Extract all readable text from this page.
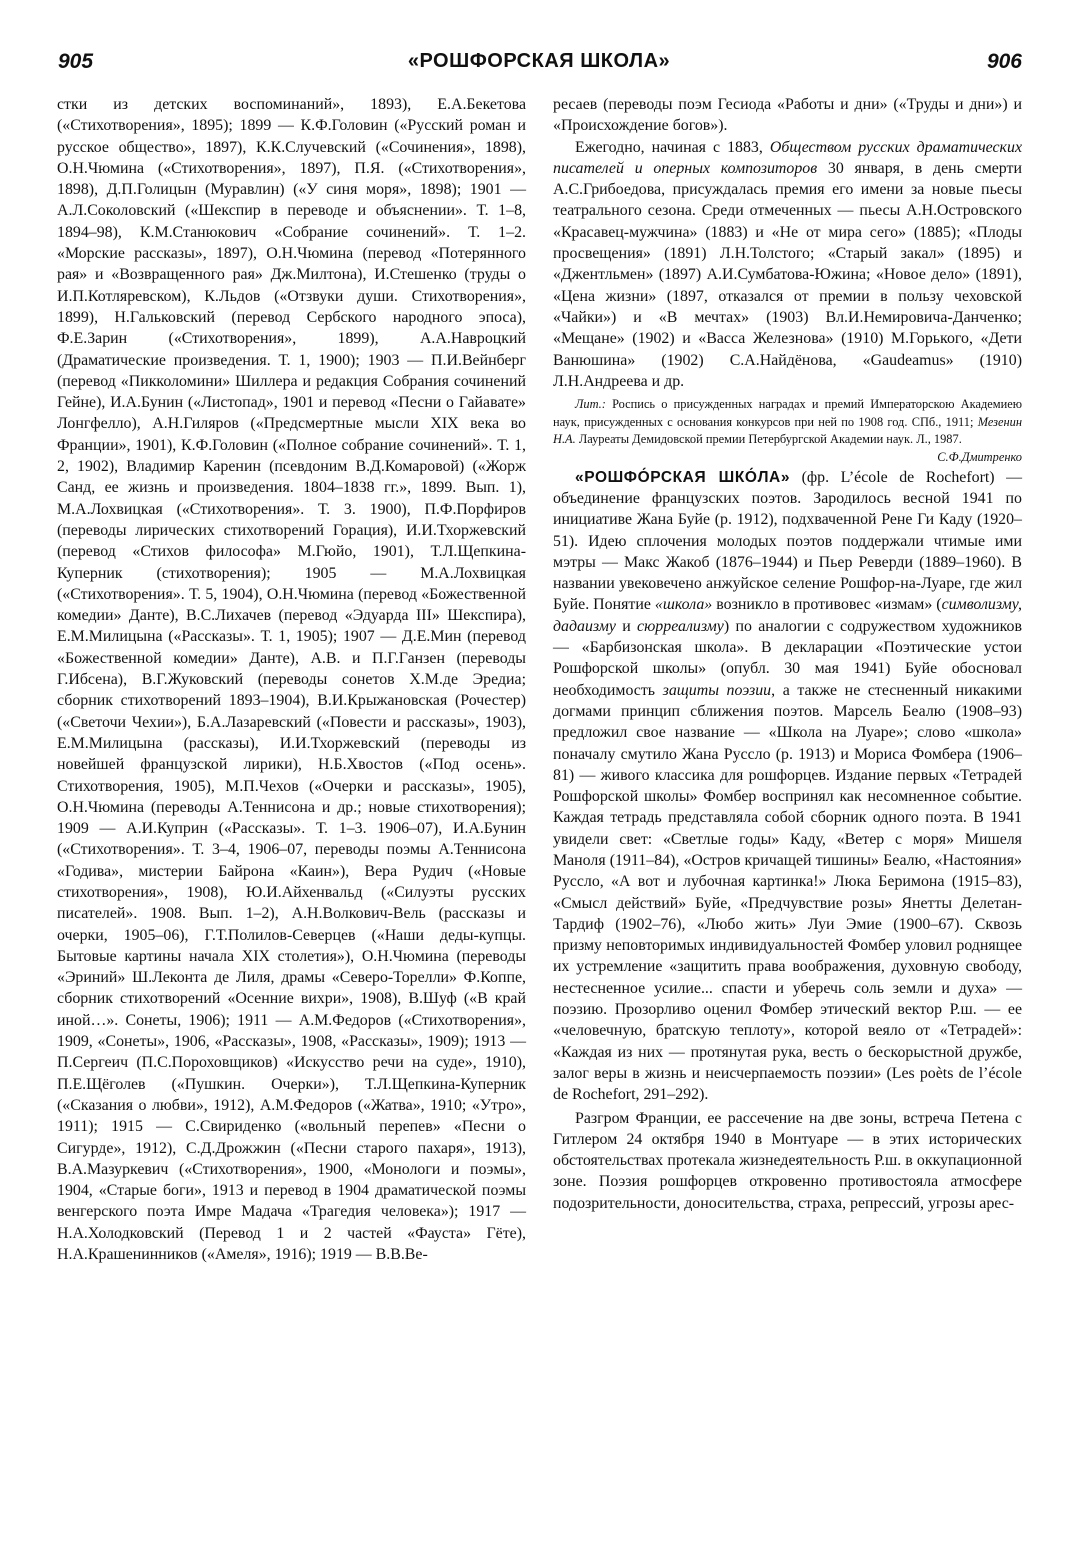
905	«РОШФОРСКАЯ ШКОЛА»	906

стки из детских воспоминаний», 1893), Е.А.Бекетова («Стихотворения», 1895); 1899 — К.Ф.Головин («Русский роман и русское общество», 1897), К.К.Случевский («Сочинения», 1898), О.Н.Чюмина («Стихотворения», 1897), П.Я. («Стихотворения», 1898), Д.П.Голицын (Муравлин) («У синя моря», 1898); 1901 — А.Л.Соколовский («Шекспир в переводе и объяснении». Т. 1–8, 1894–98), К.М.Станюкович «Собрание сочинений». Т. 1–2. «Морские рассказы», 1897), О.Н.Чюмина (перевод «Потерянного рая» и «Возвращенного рая» Дж.Милтона), И.Стешенко (труды о И.П.Котляревском), К.Льдов («Отзвуки души. Стихотворения», 1899), Н.Гальковский (перевод Сербского народного эпоса), Ф.Е.Зарин («Стихотворения», 1899), А.А.Навроцкий (Драматические произведения. Т. 1, 1900); 1903 — П.И.Вейнберг (перевод «Пикколомини» Шиллера и редакция Собрания сочинений Гейне), И.А.Бунин («Листопад», 1901 и перевод «Песни о Гайавате» Лонгфелло), А.Н.Гиляров («Предсмертные мысли XIX века во Франции», 1901), К.Ф.Головин («Полное собрание сочинений». Т. 1, 2, 1902), Владимир Каренин (псевдоним В.Д.Комаровой) («Жорж Санд, ее жизнь и произведения. 1804–1838 гг.», 1899. Вып. 1), М.А.Лохвицкая («Стихотворения». Т. 3. 1900), П.Ф.Порфиров (переводы лирических стихотворений Горация), И.И.Тхоржевский (перевод «Стихов философа» М.Гюйо, 1901), Т.Л.Щепкина-Куперник (стихотворения); 1905 — М.А.Лохвицкая («Стихотворения». Т. 5, 1904), О.Н.Чюмина (перевод «Божественной комедии» Данте), В.С.Лихачев (перевод «Эдуарда III» Шекспира), Е.М.Милицына («Рассказы». Т. 1, 1905); 1907 — Д.Е.Мин (перевод «Божественной комедии» Данте), А.В. и П.Г.Ганзен (переводы Г.Ибсена), В.Г.Жуковский (переводы сонетов Х.М.де Эредиа; сборник стихотворений 1893–1904), В.И.Крыжановская (Рочестер) («Светочи Чехии»), Б.А.Лазаревский («Повести и рассказы», 1903), Е.М.Милицына (рассказы), И.И.Тхоржевский (переводы из новейшей французской лирики), Н.Б.Хвостов («Под осень». Стихотворения, 1905), М.П.Чехов («Очерки и рассказы», 1905), О.Н.Чюмина (переводы А.Теннисона и др.; новые стихотворения); 1909 — А.И.Куприн («Рассказы». Т. 1–3. 1906–07), И.А.Бунин («Стихотворения». Т. 3–4, 1906–07, переводы поэмы А.Теннисона «Годива», мистерии Байрона «Каин»), Вера Рудич («Новые стихотворения», 1908), Ю.И.Айхенвальд («Силуэты русских писателей». 1908. Вып. 1–2), А.Н.Волкович-Вель (рассказы и очерки, 1905–06), Г.Т.Полилов-Северцев («Наши деды-купцы. Бытовые картины начала XIX столетия»), О.Н.Чюмина (переводы «Эриний» Ш.Леконта де Лиля, драмы «Северо-Торелли» Ф.Коппе, сборник стихотворений «Осенние вихри», 1908), В.Шуф («В край иной…». Сонеты, 1906); 1911 — А.М.Федоров («Стихотворения», 1909, «Сонеты», 1906, «Рассказы», 1908, «Рассказы», 1909); 1913 — П.Сергеич (П.С.Пороховщиков) «Искусство речи на суде», 1910), П.Е.Щёголев («Пушкин. Очерки»), Т.Л.Щепкина-Куперник («Сказания о любви», 1912), А.М.Федоров («Жатва», 1910; «Утро», 1911); 1915 — С.Свириденко («вольный перепев» «Песни о Сигурде», 1912), С.Д.Дрожжин («Песни старого пахаря», 1913), В.А.Мазуркевич («Стихотворения», 1900, «Монологи и поэмы», 1904, «Старые боги», 1913 и перевод в 1904 драматической поэмы венгерского поэта Имре Мадача «Трагедия человека»); 1917 — Н.А.Холодковский (Перевод 1 и 2 частей «Фауста» Гёте), Н.А.Крашенинников («Амеля», 1916); 1919 — В.В.Ве-

ресаев (переводы поэм Гесиода «Работы и дни» («Труды и дни») и «Происхождение богов»).

Ежегодно, начиная с 1883, Обществом русских драматических писателей и оперных композиторов 30 января, в день смерти А.С.Грибоедова, присуждалась премия его имени за новые пьесы театрального сезона. Среди отмеченных — пьесы А.Н.Островского «Красавец-мужчина» (1883) и «Не от мира сего» (1885); «Плоды просвещения» (1891) Л.Н.Толстого; «Старый закал» (1895) и «Джентльмен» (1897) А.И.Сумбатова-Южина; «Новое дело» (1891), «Цена жизни» (1897, отказался от премии в пользу чеховской «Чайки») и «В мечтах» (1903) Вл.И.Немировича-Данченко; «Мещане» (1902) и «Васса Железнова» (1910) М.Горького, «Дети Ванюшина» (1902) С.А.Найдёнова, «Gaudeamus» (1910) Л.Н.Андреева и др.

Лит.: Роспись о присужденных наградах и премий Императорскою Академиею наук, присужденных с основания конкурсов при ней по 1908 год. СПб., 1911; Мезенин Н.А. Лауреаты Демидовской премии Петербургской Академии наук. Л., 1987.
С.Ф.Дмитренко

«РОШФО́РСКАЯ ШКО́ЛА» (фр. L’école de Rochefort) — объединение французских поэтов. Зародилось весной 1941 по инициативе Жана Буйе (р. 1912), подхваченной Рене Ги Каду (1920–51). Идею сплочения молодых поэтов поддержали чтимые ими мэтры — Макс Жакоб (1876–1944) и Пьер Реверди (1889–1960). В названии увековечено анжуйское селение Рошфор-на-Луаре, где жил Буйе. Понятие «школа» возникло в противовес «измам» (символизму, дадаизму и сюрреализму) по аналогии с содружеством художников — «Барбизонская школа». В декларации «Поэтические устои Рошфорской школы» (опубл. 30 мая 1941) Буйе обосновал необходимость защиты поэзии, а также не стесненный никакими догмами принцип сближения поэтов. Марсель Беалю (1908–93) предложил свое название — «Школа на Луаре»; слово «школа» поначалу смутило Жана Руссло (р. 1913) и Мориса Фомбера (1906–81) — живого классика для рошфорцев. Издание первых «Тетрадей Рошфорской школы» Фомбер воспринял как несомненное событие. Каждая тетрадь представляла собой сборник одного поэта. В 1941 увидели свет: «Светлые годы» Каду, «Ветер с моря» Мишеля Маноля (1911–84), «Остров кричащей тишины» Беалю, «Настояния» Руссло, «А вот и лубочная картинка!» Люка Беримона (1915–83), «Смысл действий» Буйе, «Предчувствие розы» Янетты Делетан-Тардиф (1902–76), «Любо жить» Луи Эмие (1900–67). Сквозь призму неповторимых индивидуальностей Фомбер уловил роднящее их устремление «защитить права воображения, духовную свободу, нестесненное усилие... спасти и уберечь соль земли и духа» — поэзию. Прозорливо оценил Фомбер этический вектор Р.ш. — ее «человечную, братскую теплоту», которой веяло от «Тетрадей»: «Каждая из них — протянутая рука, весть о бескорыстной дружбе, залог веры в жизнь и неисчерпаемость поэзии» (Les poèts de l’école de Rochefort, 291–292).

Разгром Франции, ее рассечение на две зоны, встреча Петена с Гитлером 24 октября 1940 в Монтуаре — в этих исторических обстоятельствах протекала жизнедеятельность Р.ш. в оккупационной зоне. Поэзия рошфорцев откровенно противостояла атмосфере подозрительности, доносительства, страха, репрессий, угрозы арес-
